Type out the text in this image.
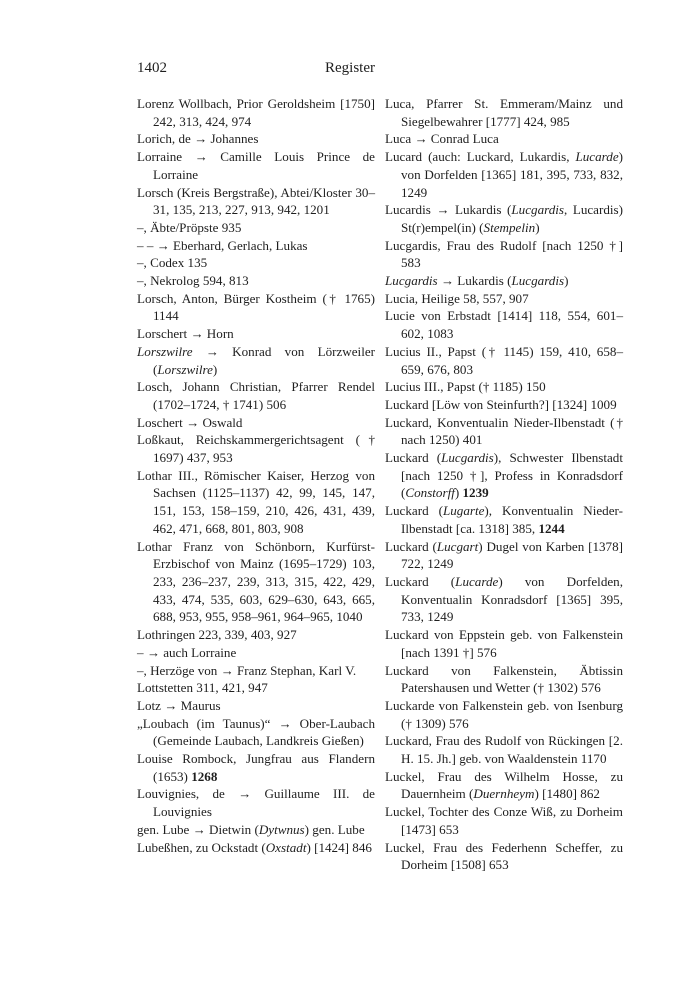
1402	Register
Lorenz Wollbach, Prior Geroldsheim [1750] 242, 313, 424, 974
Lorich, de → Johannes
Lorraine → Camille Louis Prince de Lorraine
Lorsch (Kreis Bergstraße), Abtei/Kloster 30–31, 135, 213, 227, 913, 942, 1201
–, Äbte/Pröpste 935
– – → Eberhard, Gerlach, Lukas
–, Codex 135
–, Nekrolog 594, 813
Lorsch, Anton, Bürger Kostheim († 1765) 1144
Lorschert → Horn
Lorszwilre → Konrad von Lörzweiler (Lorszwilre)
Losch, Johann Christian, Pfarrer Rendel (1702–1724, † 1741) 506
Loschert → Oswald
Loßkaut, Reichskammergerichtsagent († 1697) 437, 953
Lothar III., Römischer Kaiser, Herzog von Sachsen (1125–1137) 42, 99, 145, 147, 151, 153, 158–159, 210, 426, 431, 439, 462, 471, 668, 801, 803, 908
Lothar Franz von Schönborn, Kurfürst-Erzbischof von Mainz (1695–1729) 103, 233, 236–237, 239, 313, 315, 422, 429, 433, 474, 535, 603, 629–630, 643, 665, 688, 953, 955, 958–961, 964–965, 1040
Lothringen 223, 339, 403, 927
– → auch Lorraine
–, Herzöge von → Franz Stephan, Karl V.
Lottstetten 311, 421, 947
Lotz → Maurus
„Loubach (im Taunus)“ → Ober-Laubach (Gemeinde Laubach, Landkreis Gießen)
Louise Rombock, Jungfrau aus Flandern (1653) 1268
Louvignies, de → Guillaume III. de Louvignies
gen. Lube → Dietwin (Dytwnus) gen. Lube
Lubeßhen, zu Ockstadt (Oxstadt) [1424] 846
Luca, Pfarrer St. Emmeram/Mainz und Siegelbewahrer [1777] 424, 985
Luca → Conrad Luca
Lucard (auch: Luckard, Lukardis, Lucarde) von Dorfelden [1365] 181, 395, 733, 832, 1249
Lucardis → Lukardis (Lucgardis, Lucardis) St(r)empel(in) (Stempelin)
Lucgardis, Frau des Rudolf [nach 1250 †] 583
Lucgardis → Lukardis (Lucgardis)
Lucia, Heilige 58, 557, 907
Lucie von Erbstadt [1414] 118, 554, 601–602, 1083
Lucius II., Papst († 1145) 159, 410, 658–659, 676, 803
Lucius III., Papst († 1185) 150
Luckard [Löw von Steinfurth?] [1324] 1009
Luckard, Konventualin Nieder-Ilbenstadt († nach 1250) 401
Luckard (Lucgardis), Schwester Ilbenstadt [nach 1250 †], Profess in Konradsdorf (Constorff) 1239
Luckard (Lugarte), Konventualin Nieder-Ilbenstadt [ca. 1318] 385, 1244
Luckard (Lucgart) Dugel von Karben [1378] 722, 1249
Luckard (Lucarde) von Dorfelden, Konventualin Konradsdorf [1365] 395, 733, 1249
Luckard von Eppstein geb. von Falkenstein [nach 1391 †] 576
Luckard von Falkenstein, Äbtissin Patershausen und Wetter († 1302) 576
Luckarde von Falkenstein geb. von Isenburg († 1309) 576
Luckard, Frau des Rudolf von Rückingen [2. H. 15. Jh.] geb. von Waaldenstein 1170
Luckel, Frau des Wilhelm Hosse, zu Dauernheim (Duernheym) [1480] 862
Luckel, Tochter des Conze Wiß, zu Dorheim [1473] 653
Luckel, Frau des Federhenn Scheffer, zu Dorheim [1508] 653
